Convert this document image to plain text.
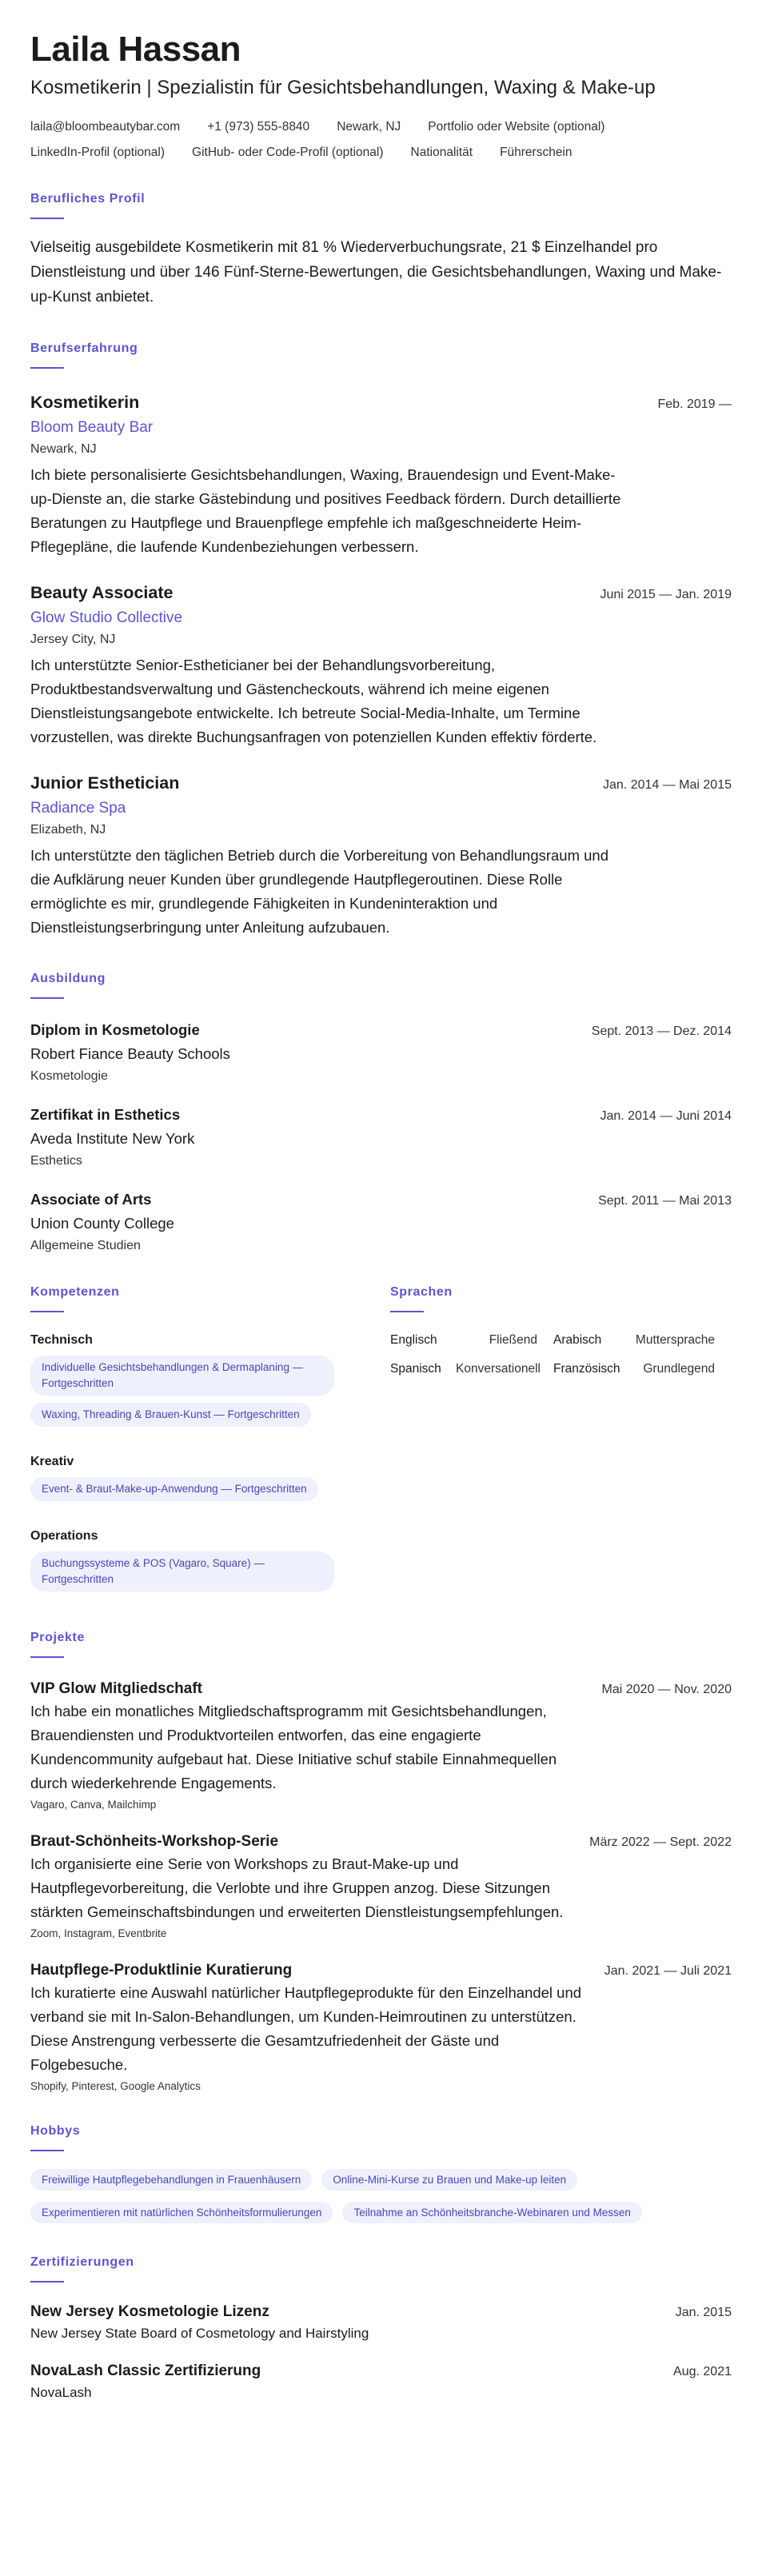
Laila Hassan
Kosmetikerin | Spezialistin für Gesichtsbehandlungen, Waxing & Make-up
laila@bloombeautybar.com +1 (973) 555-8840 Newark, NJ Portfolio oder Website (optional)
LinkedIn-Profil (optional) GitHub- oder Code-Profil (optional) Nationalität Führerschein
Berufliches Profil
Vielseitig ausgebildete Kosmetikerin mit 81 % Wiederverbuchungsrate, 21 $ Einzelhandel pro Dienstleistung und über 146 Fünf-Sterne-Bewertungen, die Gesichtsbehandlungen, Waxing und Make-up-Kunst anbietet.
Berufserfahrung
Kosmetikerin	Feb. 2019 —
Bloom Beauty Bar
Newark, NJ
Ich biete personalisierte Gesichtsbehandlungen, Waxing, Brauendesign und Event-Make-up-Dienste an, die starke Gästebindung und positives Feedback fördern. Durch detaillierte Beratungen zu Hautpflege und Brauenpflege empfehle ich maßgeschneiderte Heim-Pflegepläne, die laufende Kundenbeziehungen verbessern.
Beauty Associate	Juni 2015 — Jan. 2019
Glow Studio Collective
Jersey City, NJ
Ich unterstützte Senior-Estheticianer bei der Behandlungsvorbereitung, Produktbestandsverwaltung und Gästencheckouts, während ich meine eigenen Dienstleistungsangebote entwickelte. Ich betreute Social-Media-Inhalte, um Termine vorzustellen, was direkte Buchungsanfragen von potenziellen Kunden effektiv förderte.
Junior Esthetician	Jan. 2014 — Mai 2015
Radiance Spa
Elizabeth, NJ
Ich unterstützte den täglichen Betrieb durch die Vorbereitung von Behandlungsraum und die Aufklärung neuer Kunden über grundlegende Hautpflegeroutinen. Diese Rolle ermöglichte es mir, grundlegende Fähigkeiten in Kundeninteraktion und Dienstleistungserbringung unter Anleitung aufzubauen.
Ausbildung
Diplom in Kosmetologie	Sept. 2013 — Dez. 2014
Robert Fiance Beauty Schools
Kosmetologie
Zertifikat in Esthetics	Jan. 2014 — Juni 2014
Aveda Institute New York
Esthetics
Associate of Arts	Sept. 2011 — Mai 2013
Union County College
Allgemeine Studien
Kompetenzen
Technisch
Individuelle Gesichtsbehandlungen & Dermaplaning — Fortgeschritten
Waxing, Threading & Brauen-Kunst — Fortgeschritten
Kreativ
Event- & Braut-Make-up-Anwendung — Fortgeschritten
Operations
Buchungssysteme & POS (Vagaro, Square) — Fortgeschritten
Sprachen
Englisch	Fließend	Arabisch	Muttersprache
Spanisch	Konversationell	Französisch	Grundlegend
Projekte
VIP Glow Mitgliedschaft	Mai 2020 — Nov. 2020
Ich habe ein monatliches Mitgliedschaftsprogramm mit Gesichtsbehandlungen, Brauendiensten und Produktvorteilen entworfen, das eine engagierte Kundencommunity aufgebaut hat. Diese Initiative schuf stabile Einnahmequellen durch wiederkehrende Engagements.
Vagaro, Canva, Mailchimp
Braut-Schönheits-Workshop-Serie	März 2022 — Sept. 2022
Ich organisierte eine Serie von Workshops zu Braut-Make-up und Hautpflegevorbereitung, die Verlobte und ihre Gruppen anzog. Diese Sitzungen stärkten Gemeinschaftsbindungen und erweiterten Dienstleistungsempfehlungen.
Zoom, Instagram, Eventbrite
Hautpflege-Produktlinie Kuratierung	Jan. 2021 — Juli 2021
Ich kuratierte eine Auswahl natürlicher Hautpflegeprodukte für den Einzelhandel und verband sie mit In-Salon-Behandlungen, um Kunden-Heimroutinen zu unterstützen. Diese Anstrengung verbesserte die Gesamtzufriedenheit der Gäste und Folgebesuche.
Shopify, Pinterest, Google Analytics
Hobbys
Freiwillige Hautpflegebehandlungen in Frauenhäusern	Online-Mini-Kurse zu Brauen und Make-up leiten
Experimentieren mit natürlichen Schönheitsformulierungen	Teilnahme an Schönheitsbranche-Webinaren und Messen
Zertifizierungen
New Jersey Kosmetologie Lizenz	Jan. 2015
New Jersey State Board of Cosmetology and Hairstyling
NovaLash Classic Zertifizierung	Aug. 2021
NovaLash
